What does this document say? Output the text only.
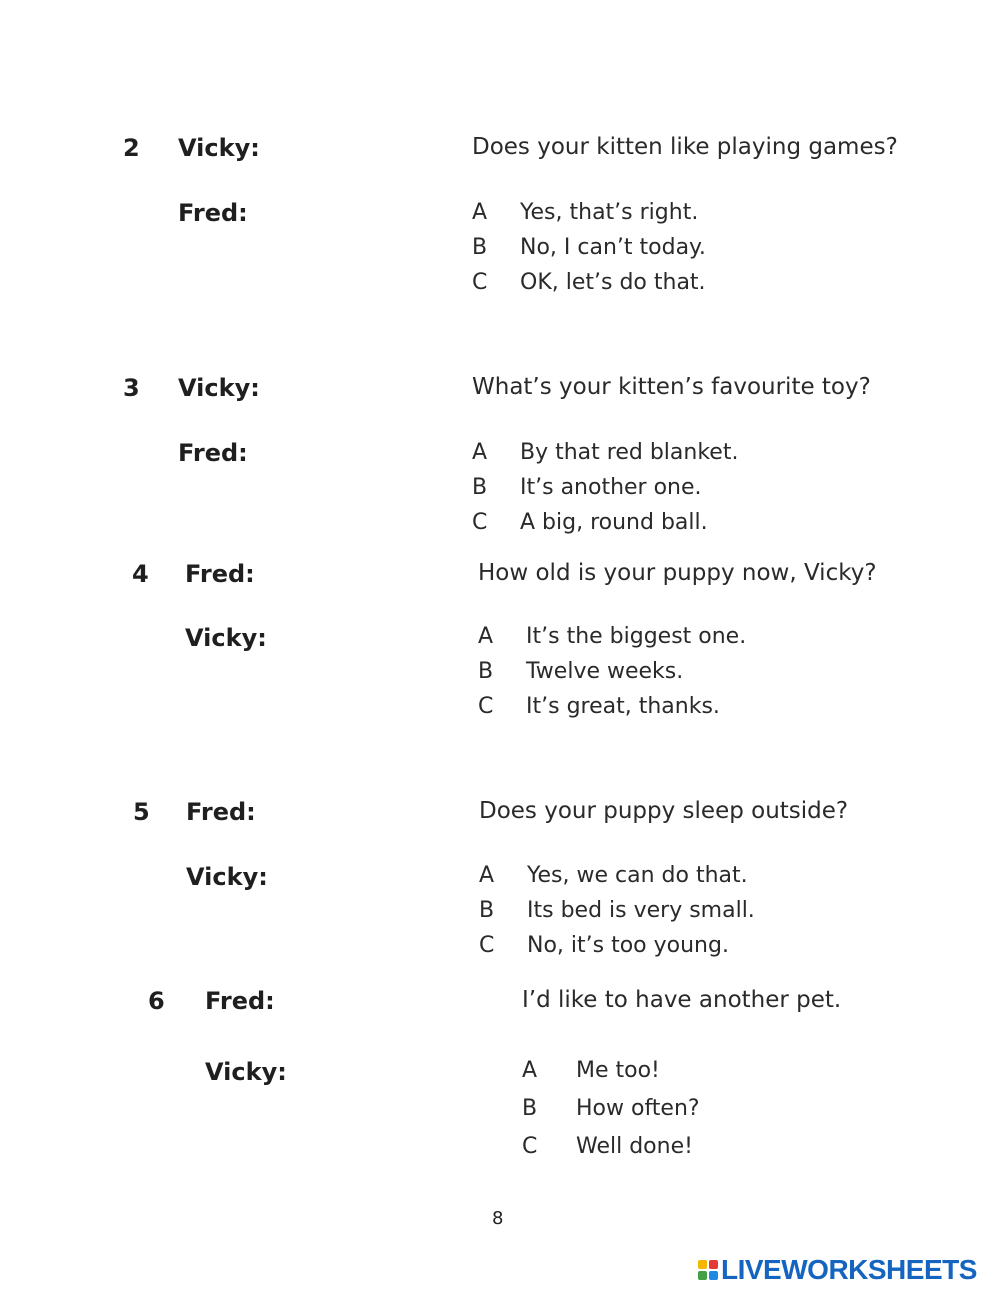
2 Vicky:	Does your kitten like playing games?
Fred:	A Yes, that’s right.
B No, I can’t today.
C OK, let’s do that.
3 Vicky:	What’s your kitten’s favourite toy?
Fred:	A By that red blanket.
B It’s another one.
C A big, round ball.
4 Fred:	How old is your puppy now, Vicky?
Vicky:	A It’s the biggest one.
B Twelve weeks.
C It’s great, thanks.
5 Fred:	Does your puppy sleep outside?
Vicky:	A Yes, we can do that.
B Its bed is very small.
C No, it’s too young.
6 Fred:	I’d like to have another pet.
Vicky:	A Me too!
B How often?
C Well done!
8
LIVEWORKSHEETS
